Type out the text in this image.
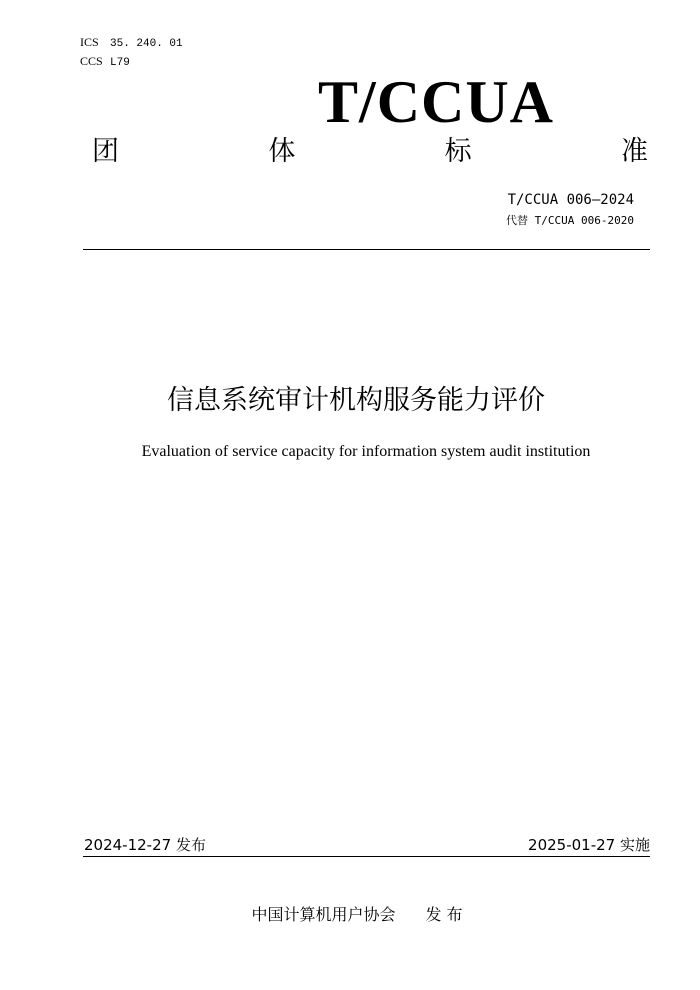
ICS 35. 240. 01
CCS L79
T/CCUA
团	体	标	准
T/CCUA 006—2024
代替 T/CCUA 006-2020
信息系统审计机构服务能力评价
Evaluation of service capacity for information system audit institution
2024-12-27 发布	2025-01-27 实施
中国计算机用户协会 发 布
